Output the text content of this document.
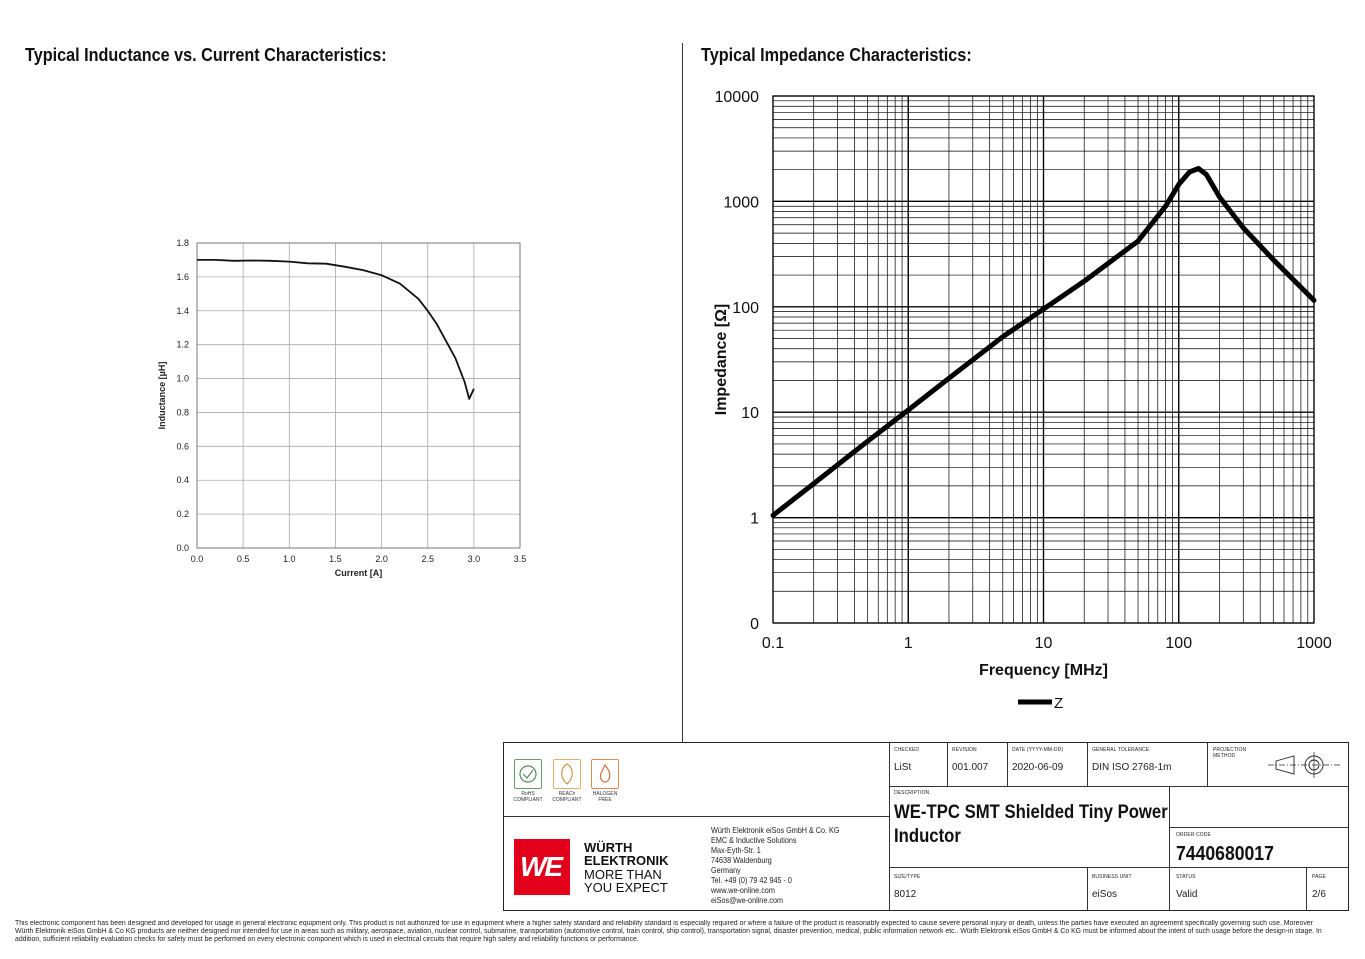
Typical Inductance vs. Current Characteristics:	Typical Impedance Characteristics:
0.0	0.5	1.0	1.5	2.0	2.5	3.0	3.5
0.0
0.2
0.4
0.6
0.8
1.0
1.2
1.4
1.6
1.8
Current [A]
Inductance [µH]
0.1	1	10	100	1000
0
1
10
100
1000
10000
Frequency [MHz]
Impedance [Ω]
Z
RoHS
COMPLIANT
REACh
COMPLIANT
HALOGEN
FREE
WE
WÜRTH
ELEKTRONIK
MORE THAN
YOU EXPECT
Würth Elektronik eiSos GmbH & Co. KG
EMC & Inductive Solutions
Max-Eyth-Str. 1
74638 Waldenburg
Germany
Tel. +49 (0) 79 42 945 - 0
www.we-online.com
eiSos@we-online.com
CHECKED
LiSt
REVISION
001.007
DATE (YYYY-MM-DD)
2020-06-09
GENERAL TOLERANCE
DIN ISO 2768-1m
PROJECTION METHOD
DESCRIPTION
WE-TPC SMT Shielded Tiny Power Inductor	ORDER CODE
7440680017
SIZE/TYPE
8012
BUSINESS UNIT
eiSos
STATUS
Valid
PAGE
2/6
This electronic component has been designed and developed for usage in general electronic equipment only. This product is not authorized for use in equipment where a higher safety standard and reliability standard is especially required or where a failure of the product is reasonably expected to cause severe personal injury or death, unless the parties have executed an agreement specifically governing such use. Moreover Würth Elektronik eiSos GmbH & Co KG products are neither designed nor intended for use in areas such as military, aerospace, aviation, nuclear control, submarine, transportation (automotive control, train control, ship control), transportation signal, disaster prevention, medical, public information network etc.. Würth Elektronik eiSos GmbH & Co KG must be informed about the intent of such usage before the design-in stage. In addition, sufficient reliability evaluation checks for safety must be performed on every electronic component which is used in electrical circuits that require high safety and reliability functions or performance.
